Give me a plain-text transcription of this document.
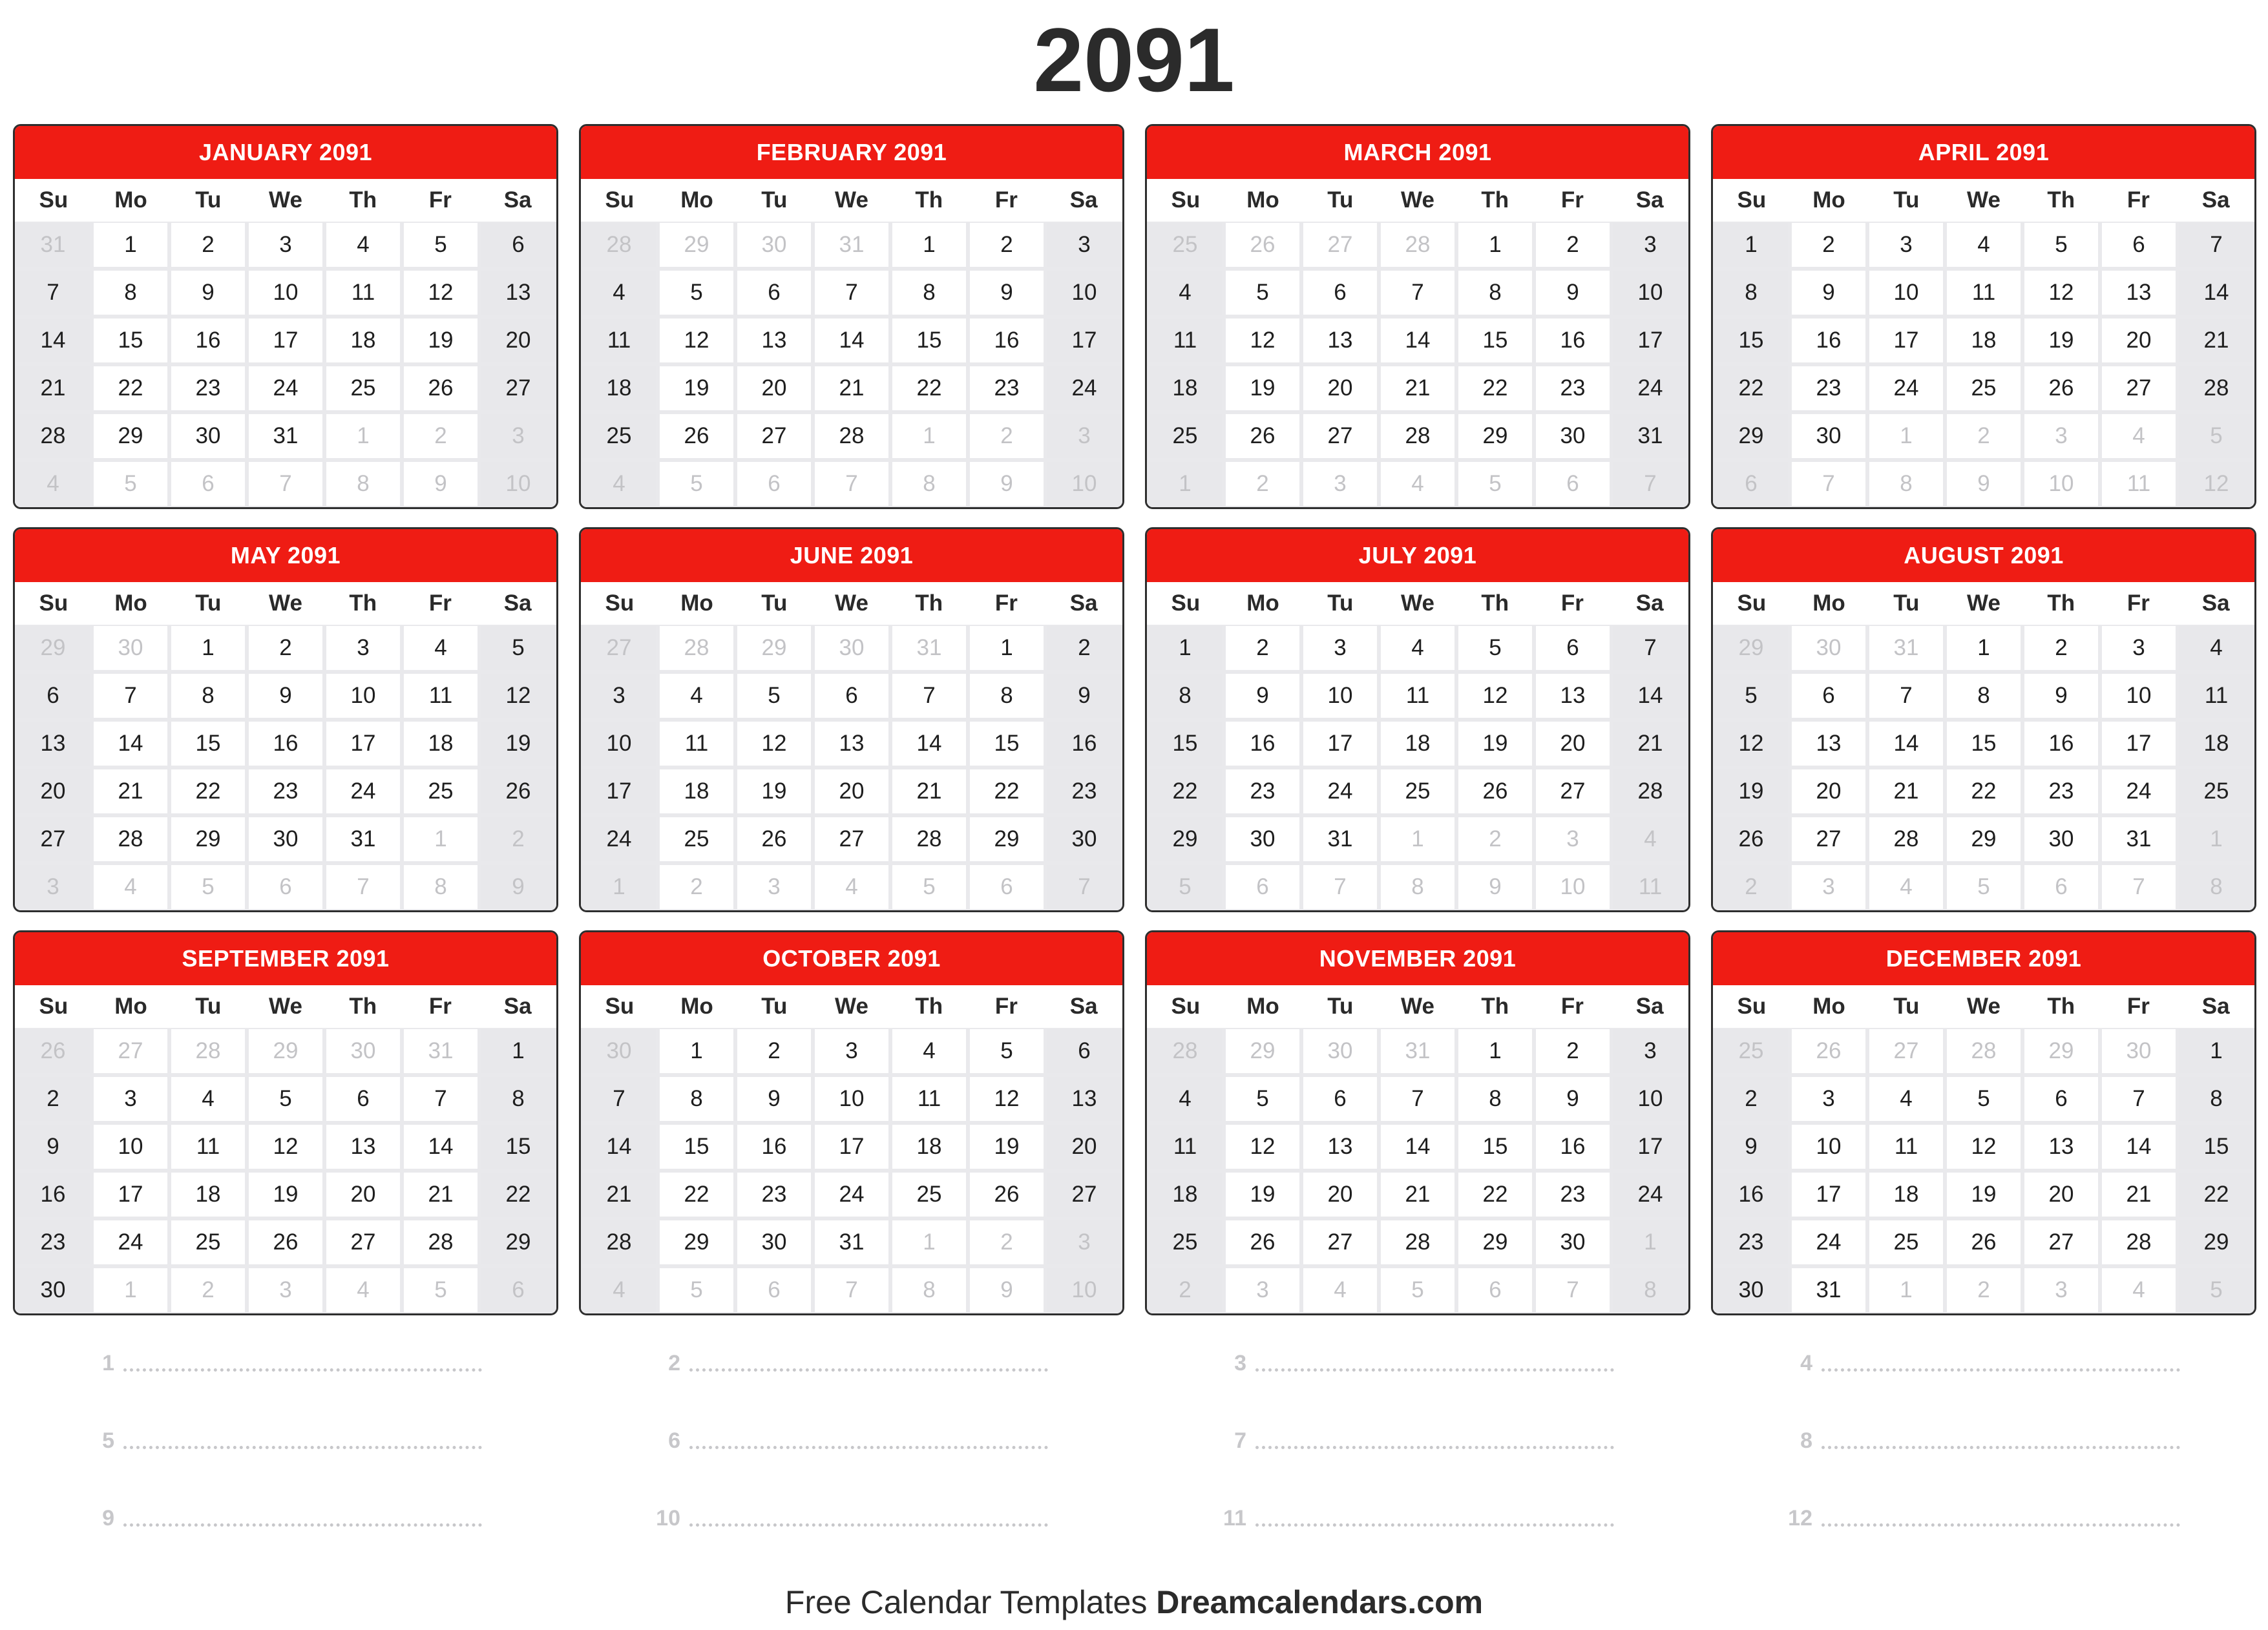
2091
JANUARY 2091
Su	Mo	Tu	We	Th	Fr	Sa
31	1	2	3	4	5	6
7	8	9	10	11	12	13
14	15	16	17	18	19	20
21	22	23	24	25	26	27
28	29	30	31	1	2	3
4	5	6	7	8	9	10
FEBRUARY 2091
Su	Mo	Tu	We	Th	Fr	Sa
28	29	30	31	1	2	3
4	5	6	7	8	9	10
11	12	13	14	15	16	17
18	19	20	21	22	23	24
25	26	27	28	1	2	3
4	5	6	7	8	9	10
MARCH 2091
Su	Mo	Tu	We	Th	Fr	Sa
25	26	27	28	1	2	3
4	5	6	7	8	9	10
11	12	13	14	15	16	17
18	19	20	21	22	23	24
25	26	27	28	29	30	31
1	2	3	4	5	6	7
APRIL 2091
Su	Mo	Tu	We	Th	Fr	Sa
1	2	3	4	5	6	7
8	9	10	11	12	13	14
15	16	17	18	19	20	21
22	23	24	25	26	27	28
29	30	1	2	3	4	5
6	7	8	9	10	11	12
MAY 2091
Su	Mo	Tu	We	Th	Fr	Sa
29	30	1	2	3	4	5
6	7	8	9	10	11	12
13	14	15	16	17	18	19
20	21	22	23	24	25	26
27	28	29	30	31	1	2
3	4	5	6	7	8	9
JUNE 2091
Su	Mo	Tu	We	Th	Fr	Sa
27	28	29	30	31	1	2
3	4	5	6	7	8	9
10	11	12	13	14	15	16
17	18	19	20	21	22	23
24	25	26	27	28	29	30
1	2	3	4	5	6	7
JULY 2091
Su	Mo	Tu	We	Th	Fr	Sa
1	2	3	4	5	6	7
8	9	10	11	12	13	14
15	16	17	18	19	20	21
22	23	24	25	26	27	28
29	30	31	1	2	3	4
5	6	7	8	9	10	11
AUGUST 2091
Su	Mo	Tu	We	Th	Fr	Sa
29	30	31	1	2	3	4
5	6	7	8	9	10	11
12	13	14	15	16	17	18
19	20	21	22	23	24	25
26	27	28	29	30	31	1
2	3	4	5	6	7	8
SEPTEMBER 2091
Su	Mo	Tu	We	Th	Fr	Sa
26	27	28	29	30	31	1
2	3	4	5	6	7	8
9	10	11	12	13	14	15
16	17	18	19	20	21	22
23	24	25	26	27	28	29
30	1	2	3	4	5	6
OCTOBER 2091
Su	Mo	Tu	We	Th	Fr	Sa
30	1	2	3	4	5	6
7	8	9	10	11	12	13
14	15	16	17	18	19	20
21	22	23	24	25	26	27
28	29	30	31	1	2	3
4	5	6	7	8	9	10
NOVEMBER 2091
Su	Mo	Tu	We	Th	Fr	Sa
28	29	30	31	1	2	3
4	5	6	7	8	9	10
11	12	13	14	15	16	17
18	19	20	21	22	23	24
25	26	27	28	29	30	1
2	3	4	5	6	7	8
DECEMBER 2091
Su	Mo	Tu	We	Th	Fr	Sa
25	26	27	28	29	30	1
2	3	4	5	6	7	8
9	10	11	12	13	14	15
16	17	18	19	20	21	22
23	24	25	26	27	28	29
30	31	1	2	3	4	5
1	2	3	4
5	6	7	8
9	10	11	12
Free Calendar Templates Dreamcalendars.com
